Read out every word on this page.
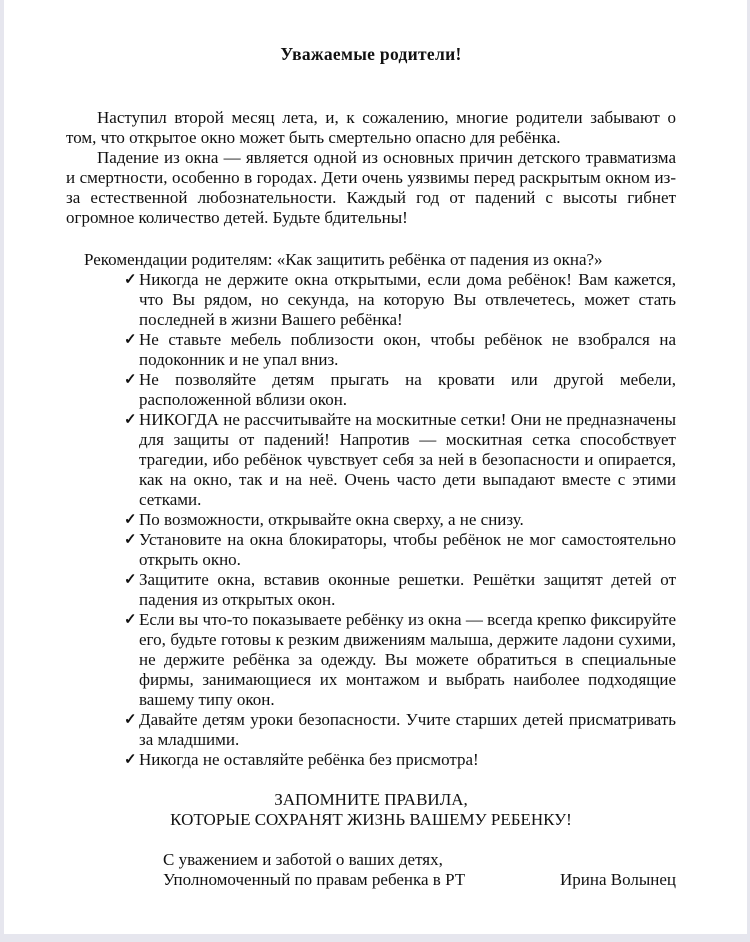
Уважаемые родители!

Наступил второй месяц лета, и, к сожалению, многие родители забывают о том, что открытое окно может быть смертельно опасно для ребёнка.

Падение из окна — является одной из основных причин детского травматизма и смертности, особенно в городах. Дети очень уязвимы перед раскрытым окном из-за естественной любознательности. Каждый год от падений с высоты гибнет огромное количество детей. Будьте бдительны!

Рекомендации родителям: «Как защитить ребёнка от падения из окна?»

✓ Никогда не держите окна открытыми, если дома ребёнок! Вам кажется, что Вы рядом, но секунда, на которую Вы отвлечетесь, может стать последней в жизни Вашего ребёнка!
✓ Не ставьте мебель поблизости окон, чтобы ребёнок не взобрался на подоконник и не упал вниз.
✓ Не позволяйте детям прыгать на кровати или другой мебели, расположенной вблизи окон.
✓ НИКОГДА не рассчитывайте на москитные сетки! Они не предназначены для защиты от падений! Напротив — москитная сетка способствует трагедии, ибо ребёнок чувствует себя за ней в безопасности и опирается, как на окно, так и на неё. Очень часто дети выпадают вместе с этими сетками.
✓ По возможности, открывайте окна сверху, а не снизу.
✓ Установите на окна блокираторы, чтобы ребёнок не мог самостоятельно открыть окно.
✓ Защитите окна, вставив оконные решетки. Решётки защитят детей от падения из открытых окон.
✓ Если вы что-то показываете ребёнку из окна — всегда крепко фиксируйте его, будьте готовы к резким движениям малыша, держите ладони сухими, не держите ребёнка за одежду. Вы можете обратиться в специальные фирмы, занимающиеся их монтажом и выбрать наиболее подходящие вашему типу окон.
✓ Давайте детям уроки безопасности. Учите старших детей присматривать за младшими.
✓ Никогда не оставляйте ребёнка без присмотра!
ЗАПОМНИТЕ ПРАВИЛА,
КОТОРЫЕ СОХРАНЯТ ЖИЗНЬ ВАШЕМУ РЕБЕНКУ!
С уважением и заботой о ваших детях,
Уполномоченный по правам ребенка в РТ	Ирина Волынец
